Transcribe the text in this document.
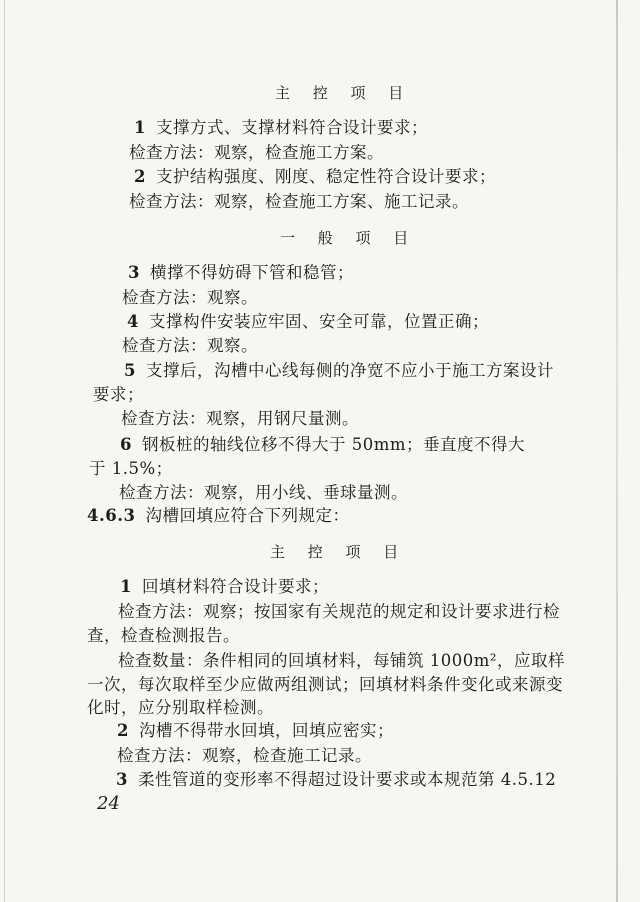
主 控 项 目
1 支撑方式、支撑材料符合设计要求；
检查方法：观察，检查施工方案。
2 支护结构强度、刚度、稳定性符合设计要求；
检查方法：观察，检查施工方案、施工记录。
一 般 项 目
3 横撑不得妨碍下管和稳管；
检查方法：观察。
4 支撑构件安装应牢固、安全可靠，位置正确；
检查方法：观察。
5 支撑后，沟槽中心线每侧的净宽不应小于施工方案设计
要求；
检查方法：观察，用钢尺量测。
6 钢板桩的轴线位移不得大于 50mm；垂直度不得大
于 1.5%；
检查方法：观察，用小线、垂球量测。
4.6.3 沟槽回填应符合下列规定：
主 控 项 目
1 回填材料符合设计要求；
检查方法：观察；按国家有关规范的规定和设计要求进行检
查，检查检测报告。
检查数量：条件相同的回填材料，每铺筑 1000m²，应取样
一次，每次取样至少应做两组测试；回填材料条件变化或来源变
化时，应分别取样检测。
2 沟槽不得带水回填，回填应密实；
检查方法：观察，检查施工记录。
3 柔性管道的变形率不得超过设计要求或本规范第 4.5.12
24
